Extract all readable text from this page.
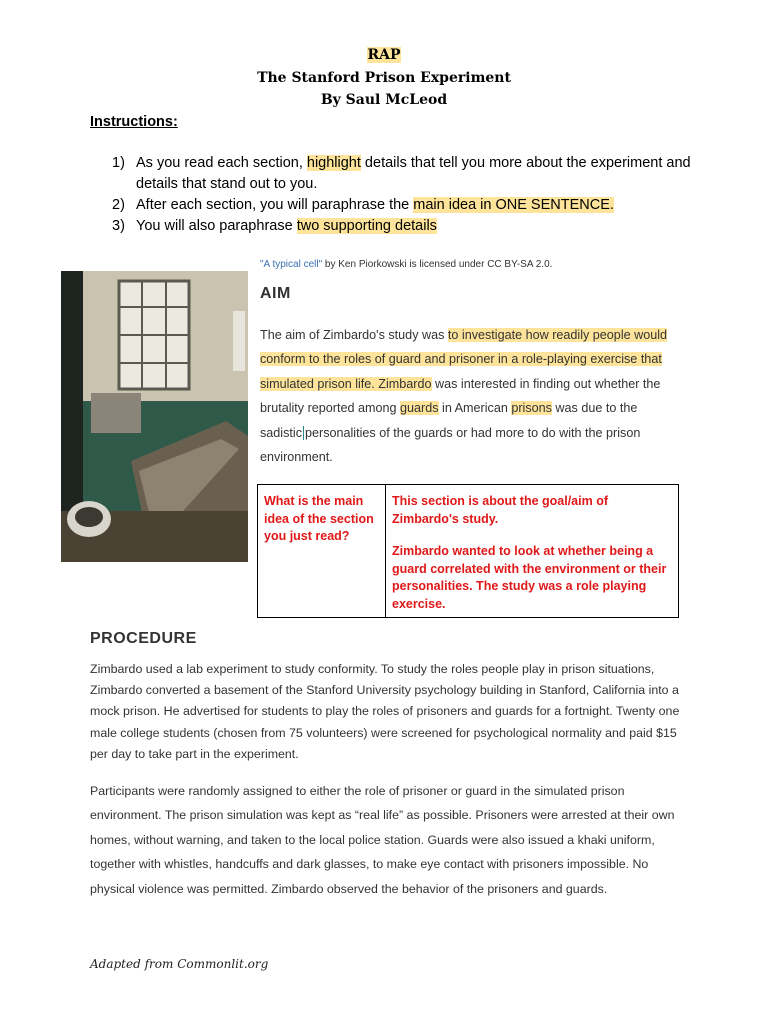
RAP
The Stanford Prison Experiment
By Saul McLeod
Instructions:
1) As you read each section, highlight details that tell you more about the experiment and details that stand out to you.
2) After each section, you will paraphrase the main idea in ONE SENTENCE.
3) You will also paraphrase two supporting details
"A typical cell" by Ken Piorkowski is licensed under CC BY-SA 2.0.
AIM

The aim of Zimbardo's study was to investigate how readily people would conform to the roles of guard and prisoner in a role-playing exercise that simulated prison life. Zimbardo was interested in finding out whether the brutality reported among guards in American prisons was due to the sadistic personalities of the guards or had more to do with the prison environment.

What is the main idea of the section you just read?
This section is about the goal/aim of Zimbardo's study.
Zimbardo wanted to look at whether being a guard correlated with the environment or their personalities. The study was a role playing exercise.
PROCEDURE

Zimbardo used a lab experiment to study conformity. To study the roles people play in prison situations, Zimbardo converted a basement of the Stanford University psychology building in Stanford, California into a mock prison. He advertised for students to play the roles of prisoners and guards for a fortnight. Twenty one male college students (chosen from 75 volunteers) were screened for psychological normality and paid $15 per day to take part in the experiment.

Participants were randomly assigned to either the role of prisoner or guard in the simulated prison environment. The prison simulation was kept as “real life” as possible. Prisoners were arrested at their own homes, without warning, and taken to the local police station. Guards were also issued a khaki uniform, together with whistles, handcuffs and dark glasses, to make eye contact with prisoners impossible. No physical violence was permitted. Zimbardo observed the behavior of the prisoners and guards.

Adapted from Commonlit.org
